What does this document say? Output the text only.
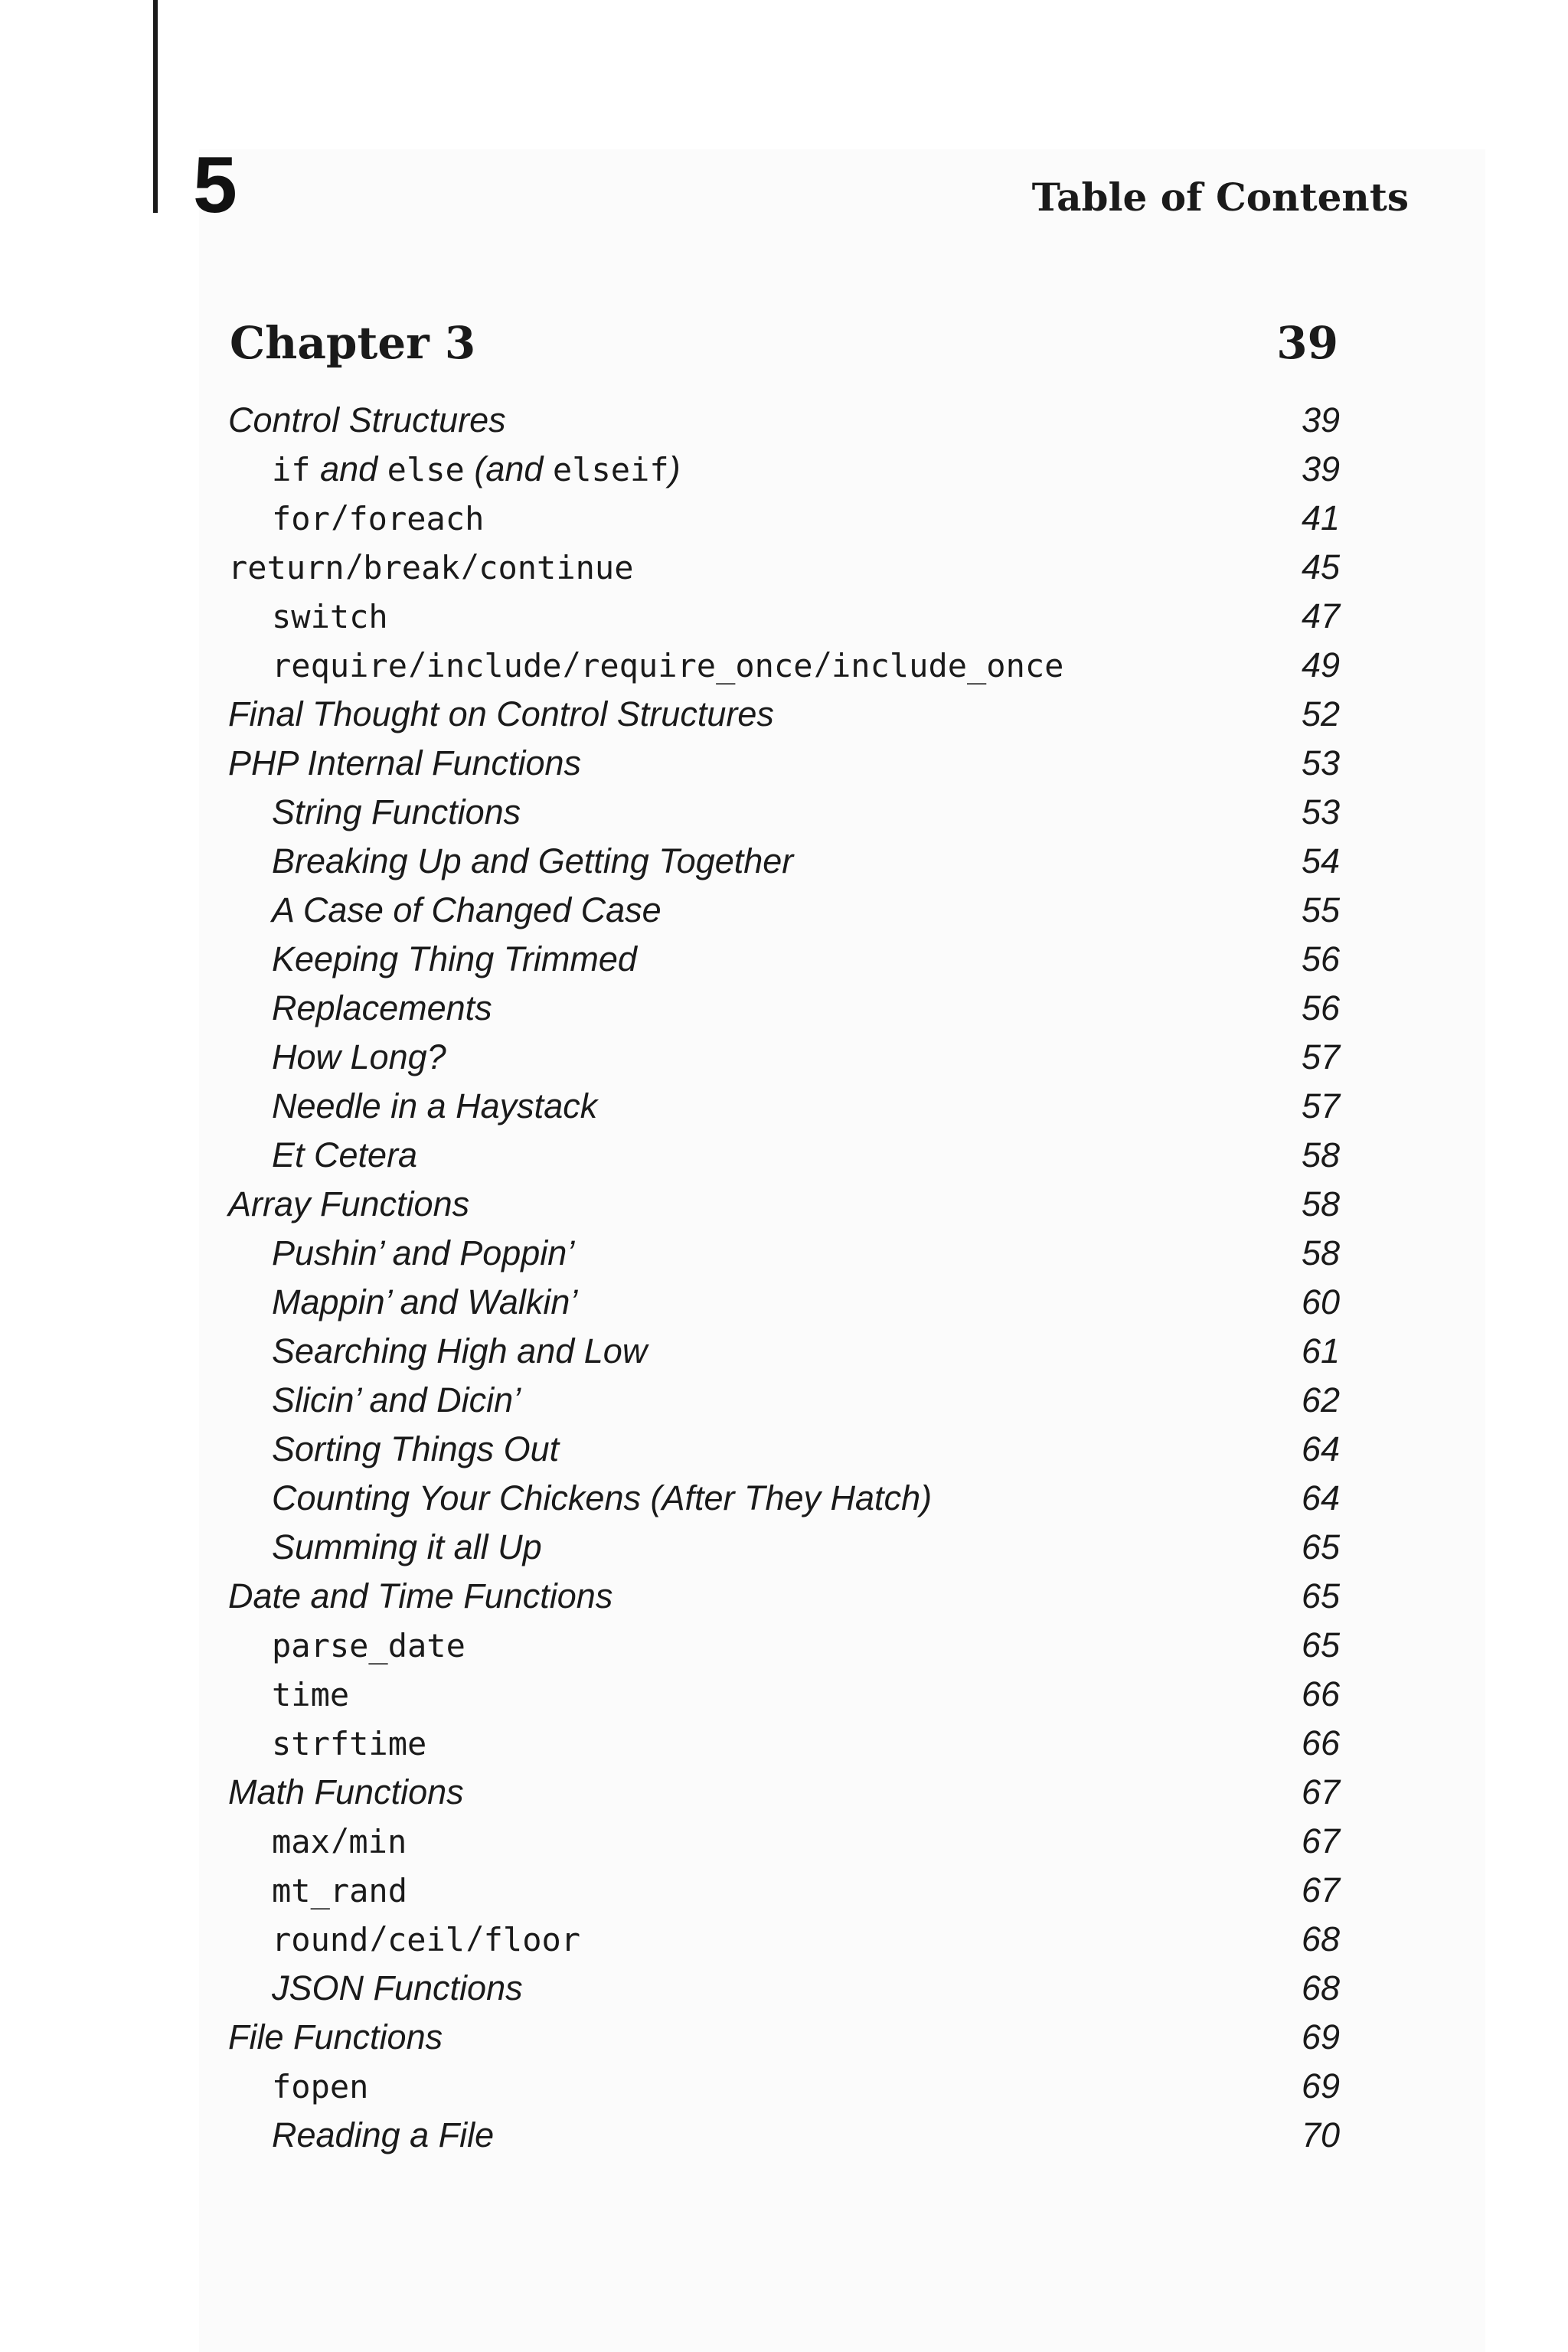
5	Table of Contents
Chapter 3	39
Control Structures	39
if and else (and elseif )	39
for / foreach	41
return / break / continue	45
switch	47
require / include / require_once / include_once	49
Final Thought on Control Structures	52
PHP Internal Functions	53
String Functions	53
Breaking Up and Getting Together	54
A Case of Changed Case	55
Keeping Thing Trimmed	56
Replacements	56
How Long?	57
Needle in a Haystack	57
Et Cetera	58
Array Functions	58
Pushin’ and Poppin’	58
Mappin’ and Walkin’	60
Searching High and Low	61
Slicin’ and Dicin’	62
Sorting Things Out	64
Counting Your Chickens (After They Hatch)	64
Summing it all Up	65
Date and Time Functions	65
parse_date	65
time	66
strftime	66
Math Functions	67
max / min	67
mt_rand	67
round / ceil / floor	68
JSON Functions	68
File Functions	69
fopen	69
Reading a File	70
